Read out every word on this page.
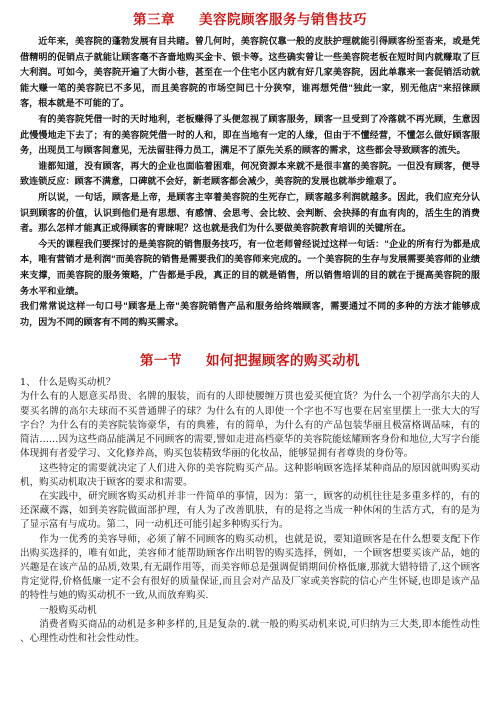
第三章 美容院顾客服务与销售技巧

近年来，美容院的蓬勃发展有目共睹。曾几何时，美容院仅靠一般的皮肤护理就能引得顾客纷至沓来，或是凭借精明的促销点子就能让顾客毫不吝啬地购买金卡、银卡等。这些确实曾让一些美容院老板在短时间内就赚取了巨大利润。可如今，美容院开遍了大街小巷，甚至在一个住宅小区内就有好几家美容院，因此单靠来一套促销活动就能大赚一笔的美容院已不多见，而且美容院的市场空间已十分狭窄，谁再想凭借"独此一家，别无他店"来招徕顾客，根本就是不可能的了。

有的美容院凭借一时的天时地利，老板赚得了头便忽视了顾客服务，顾客一旦受到了冷落就不再光顾，生意因此慢慢地走下去了；有的美容院凭借一时的人和，即在当地有一定的人缘，但由于不懂经营，不懂怎么做好顾客服务，出现员工与顾客间意见，无法留驻得力员工，满足不了原先关系的顾客的需求，这些都会导致顾客的流失。

谁都知道，没有顾客，再大的企业也面临着困难，何况资源本来就不是很丰富的美容院。一但没有顾客，便导致连锁反应：顾客不满意，口碑就不会好，新老顾客都会减少，美容院的发展也就举步维艰了。

所以说，一句话，顾客是上帝，是顾客主宰着美容院的生死存亡，顾客越多利润就越多。因此，我们应充分认识到顾客的价值，认识到他们是有思想、有感情、会思考、会比较、会判断、会抉择的有血有肉的，活生生的消费者。那么怎样才能真正或得顾客的青睐呢？这也就是我们为什么要做美容院教育培训的关键所在。

今天的课程我们要探讨的是美容院的销售服务技巧，有一位老师曾经说过这样一句话："企业的所有行为都是成本，唯有营销才是利润"而美容院的销售是需要我们的美容师来完成的。一个美容院的生存与发展需要美容师的业绩来支撑，而美容院的服务策略，广告都是手段，真正的目的就是销售，所以销售培训的目的就在于提高美容院的服务水平和业绩。

我们常常说这样一句口号"顾客是上帝"美容院销售产品和服务给终端顾客，需要通过不同的多种的方法才能够成功，因为不同的顾客有不同的购买需求。

第一节 如何把握顾客的购买动机

1、 什么是购买动机？

为什么有的人愿意买昂贵、名牌的服装，而有的人即使腰缠万贯也爱买便宜货？为什么一个初学高尔夫的人要买名牌的高尔夫球而不买普通牌子的球？为什么有的人即使一个字也不写也要在居室里摆上一张大大的写字台？为什么有的美容院装饰豪华，有的典雅，有的简单，为什么有的产品包装华丽且极富格调品味，有的简洁……因为这些商品能满足不同顾客的需要,譬如走进高档豪华的美容院能炫耀顾客身份和地位,大写字台能体现拥有者爱学习、文化修养高，购买包装精致华丽的化妆品，能够显拥有者尊贵的身份等。

这些特定的需要就决定了人们进入你的美容院购买产品。这种影响顾客选择某种商品的原因就叫购买动机，购买动机取决于顾客的要求和需要。

在实践中，研究顾客购买动机并非一件简单的事情，因为：第一，顾客的动机往往是多重多样的，有的还深藏不露，如到美容院做面部护理，有人为了改善肌肤，有的是将之当成一种休闲的生活方式，有的是为了显示富有与成功。第二，同一动机还可能引起多种购买行为。

作为一优秀的美容导师，必须了解不同顾客的购买动机，也就是说，要知道顾客是在什么想要支配下作出购买选择的，唯有如此，美容师才能帮助顾客作出明智的购买选择，例如，一个顾客想要买该产品，她的兴趣是在该产品的品质,效果,有无副作用等，而美容师总是强调促销期间价格低廉,那就大错特错了,这个顾客肯定觉得,价格低廉一定不会有很好的质量保证,而且会对产品及厂家或美容院的信心产生怀疑,也即是该产品的特性与她的购买动机不一致,从而放弃购买.

一般购买动机

消费者购买商品的动机是多种多样的,且是复杂的.就一般的购买动机来说,可归纳为三大类,即本能性动性 、心理性动性和社会性动性。
